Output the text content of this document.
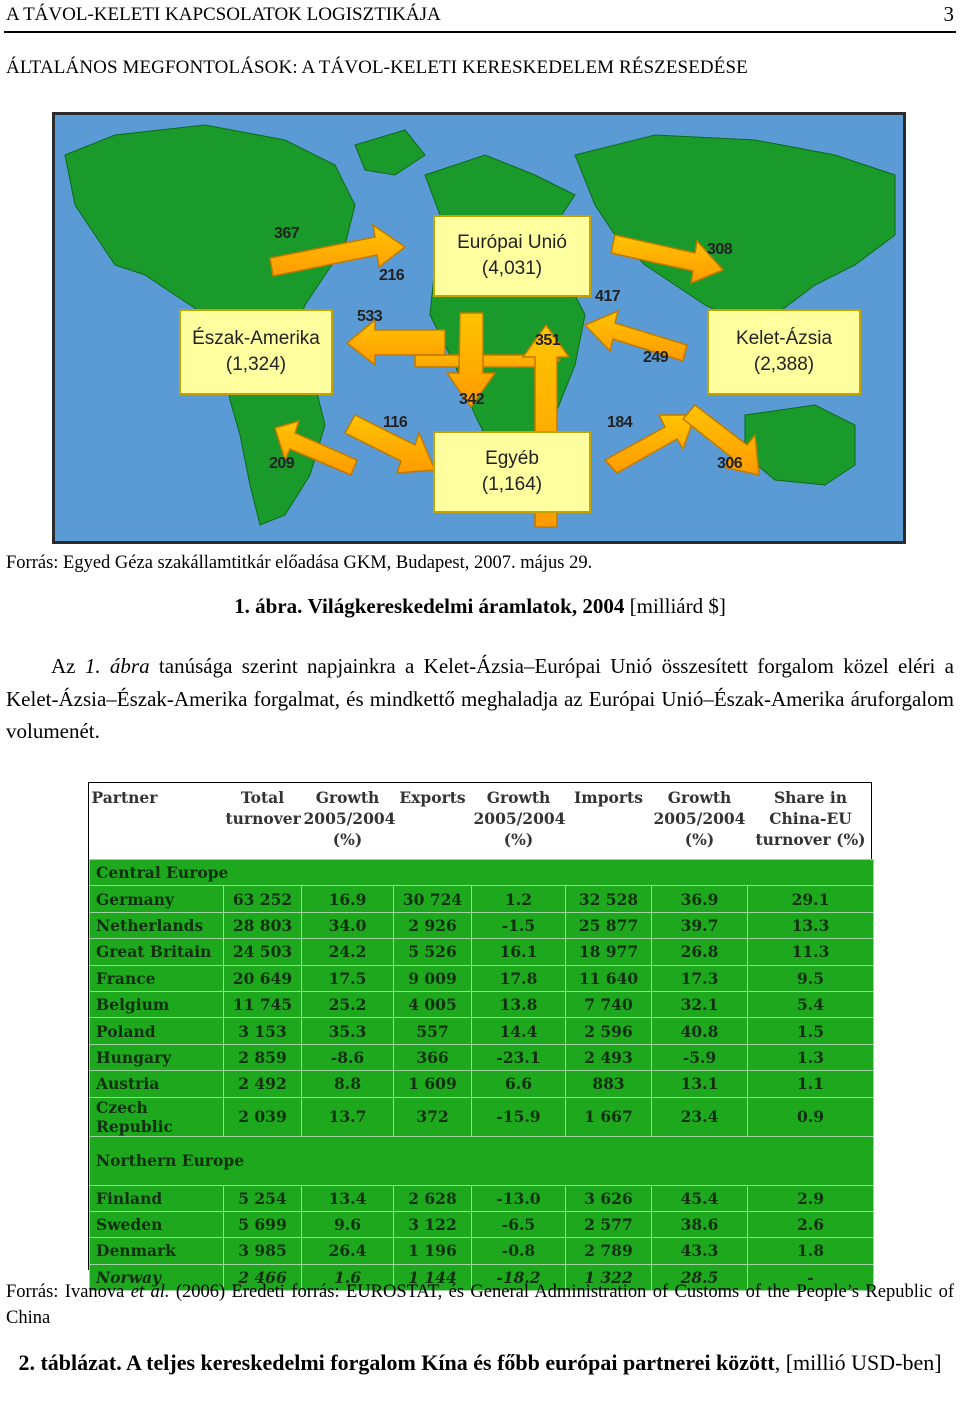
A TÁVOL-KELETI KAPCSOLATOK LOGISZTIKÁJA	3
ÁLTALÁNOS MEGFONTOLÁSOK: A TÁVOL-KELETI KERESKEDELEM RÉSZESEDÉSE
Észak-Amerika
(1,324)
Európai Unió
(4,031)
Kelet-Ázsia
(2,388)
Egyéb
(1,164)
367
216
533
351
417
308
249
342
116
209
184
306
Forrás: Egyed Géza szakállamtitkár előadása GKM, Budapest, 2007. május 29.
1. ábra. Világkereskedelmi áramlatok, 2004 [milliárd $]

Az 1. ábra tanúsága szerint napjainkra a Kelet-Ázsia–Európai Unió összesített forgalom közel eléri a Kelet-Ázsia–Észak-Amerika forgalmat, és mindkettő meghaladja az Európai Unió–Észak-Amerika áruforgalom volumenét.

Partner	Total turnover	Growth 2005/2004 (%)	Exports	Growth 2005/2004 (%)	Imports	Growth 2005/2004 (%)	Share in China-EU turnover (%)
Central Europe							
Germany	63 252	16.9	30 724	1.2	32 528	36.9	29.1
Netherlands	28 803	34.0	2 926	-1.5	25 877	39.7	13.3
Great Britain	24 503	24.2	5 526	16.1	18 977	26.8	11.3
France	20 649	17.5	9 009	17.8	11 640	17.3	9.5
Belgium	11 745	25.2	4 005	13.8	7 740	32.1	5.4
Poland	3 153	35.3	557	14.4	2 596	40.8	1.5
Hungary	2 859	-8.6	366	-23.1	2 493	-5.9	1.3
Austria	2 492	8.8	1 609	6.6	883	13.1	1.1
Czech Republic	2 039	13.7	372	-15.9	1 667	23.4	0.9
Northern Europe							
Finland	5 254	13.4	2 628	-13.0	3 626	45.4	2.9
Sweden	5 699	9.6	3 122	-6.5	2 577	38.6	2.6
Denmark	3 985	26.4	1 196	-0.8	2 789	43.3	1.8
Norway	2 466	1.6	1 144	-18.2	1 322	28.5	-
Forrás: Ivanova et al. (2006) Eredeti forrás: EUROSTAT, és General Administration of Customs of the People’s Republic of China
2. táblázat. A teljes kereskedelmi forgalom Kína és főbb európai partnerei között, [millió USD-ben]
